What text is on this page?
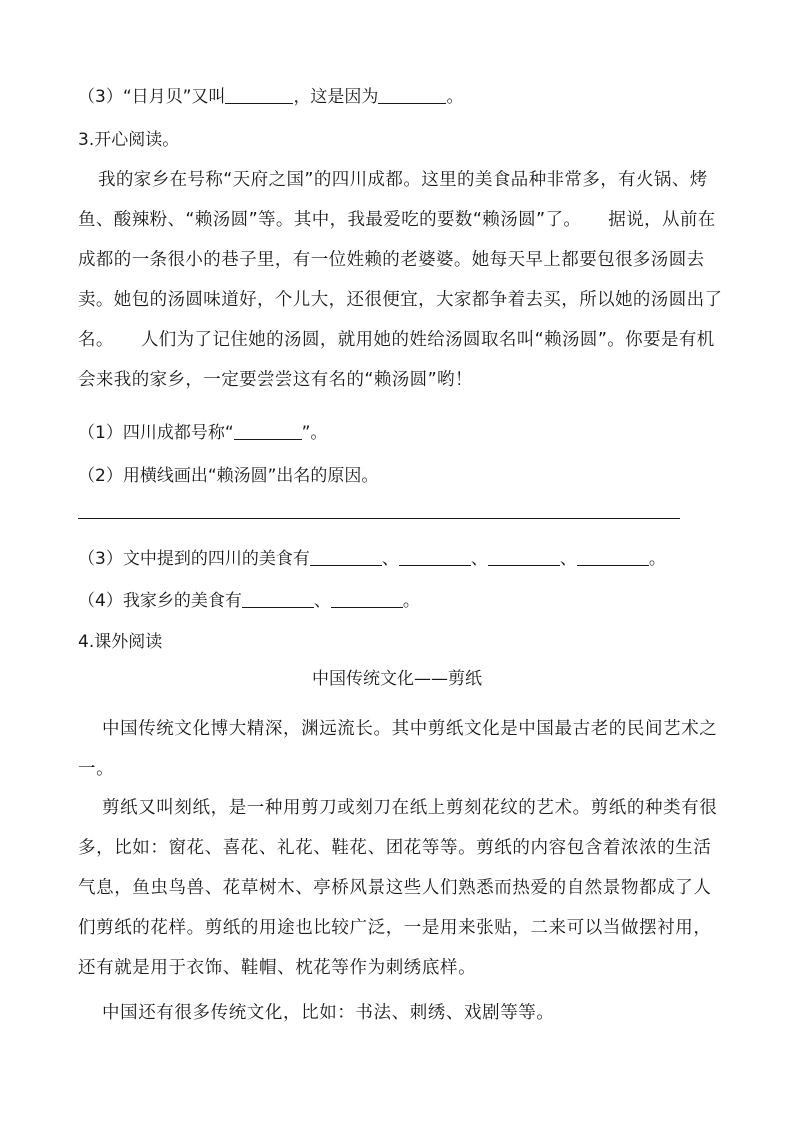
（3）“日月贝”又叫	，这是因为	。
3.开心阅读。
我的家乡在号称“天府之国”的四川成都。这里的美食品种非常多，有火锅、烤鱼、酸辣粉、“赖汤圆”等。其中，我最爱吃的要数“赖汤圆”了。　　据说，从前在成都的一条很小的巷子里，有一位姓赖的老婆婆。她每天早上都要包很多汤圆去卖。她包的汤圆味道好，个儿大，还很便宜，大家都争着去买，所以她的汤圆出了名。　　人们为了记住她的汤圆，就用她的姓给汤圆取名叫“赖汤圆”。你要是有机会来我的家乡，一定要尝尝这有名的“赖汤圆”哟！
（1）四川成都号称“	”。
（2）用横线画出“赖汤圆”出名的原因。
（3）文中提到的四川的美食有	、	、	、	。
（4）我家乡的美食有	、	。
4.课外阅读
中国传统文化——剪纸
中国传统文化博大精深，渊远流长。其中剪纸文化是中国最古老的民间艺术之一。
剪纸又叫刻纸，是一种用剪刀或刻刀在纸上剪刻花纹的艺术。剪纸的种类有很多，比如：窗花、喜花、礼花、鞋花、团花等等。剪纸的内容包含着浓浓的生活气息，鱼虫鸟兽、花草树木、亭桥风景这些人们熟悉而热爱的自然景物都成了人们剪纸的花样。剪纸的用途也比较广泛，一是用来张贴，二来可以当做摆衬用，还有就是用于衣饰、鞋帽、枕花等作为刺绣底样。
中国还有很多传统文化，比如：书法、刺绣、戏剧等等。
